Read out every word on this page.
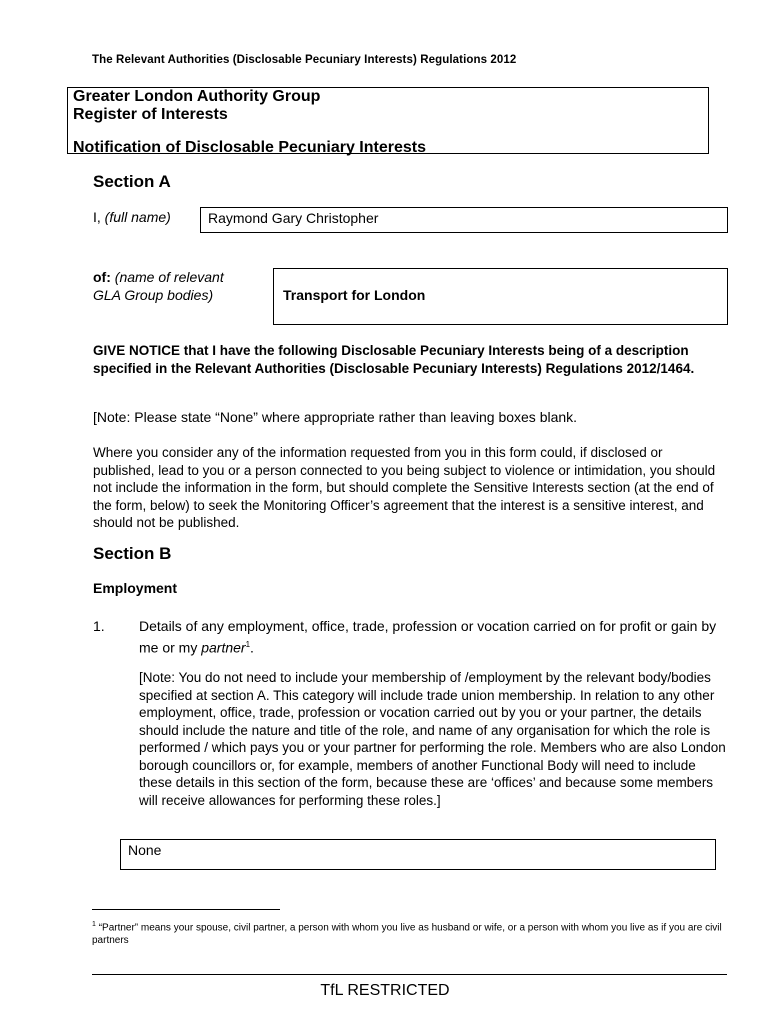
The Relevant Authorities (Disclosable Pecuniary Interests) Regulations 2012
Greater London Authority Group
Register of Interests
Notification of Disclosable Pecuniary Interests
Section A
I, (full name)	Raymond Gary Christopher
of: (name of relevant
GLA Group bodies)	Transport for London
GIVE NOTICE that I have the following Disclosable Pecuniary Interests being of a description specified in the Relevant Authorities (Disclosable Pecuniary Interests) Regulations 2012/1464.
[Note: Please state “None” where appropriate rather than leaving boxes blank.
Where you consider any of the information requested from you in this form could, if disclosed or published, lead to you or a person connected to you being subject to violence or intimidation, you should not include the information in the form, but should complete the Sensitive Interests section (at the end of the form, below) to seek the Monitoring Officer’s agreement that the interest is a sensitive interest, and should not be published.
Section B
Employment
1. Details of any employment, office, trade, profession or vocation carried on for profit or gain by me or my partner$^1$.
[Note: You do not need to include your membership of /employment by the relevant body/bodies specified at section A. This category will include trade union membership. In relation to any other employment, office, trade, profession or vocation carried out by you or your partner, the details should include the nature and title of the role, and name of any organisation for which the role is performed / which pays you or your partner for performing the role. Members who are also London borough councillors or, for example, members of another Functional Body will need to include these details in this section of the form, because these are ‘offices’ and because some members will receive allowances for performing these roles.]
None
$^1$ “Partner” means your spouse, civil partner, a person with whom you live as husband or wife, or a person with whom you live as if you are civil partners
TfL RESTRICTED
